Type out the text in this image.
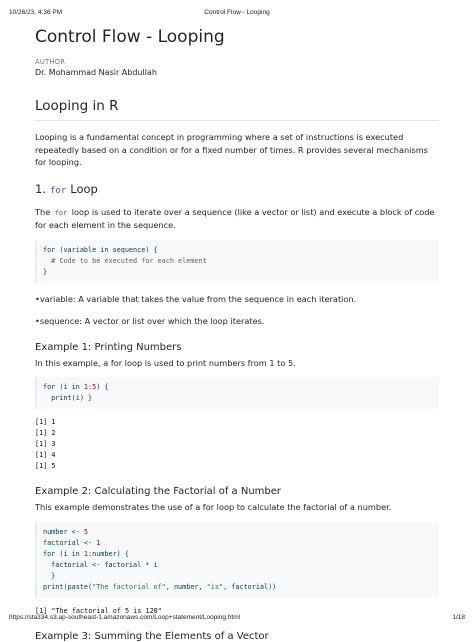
10/26/23, 4:36 PM	Control Flow - Looping
Control Flow - Looping
AUTHOR
Dr. Mohammad Nasir Abdullah
Looping in R
Looping is a fundamental concept in programming where a set of instructions is executed repeatedly based on a condition or for a fixed number of times. R provides several mechanisms for looping.
1. for Loop
The for loop is used to iterate over a sequence (like a vector or list) and execute a block of code for each element in the sequence.
for (variable in sequence) {
# Code to be executed for each element
}
•variable: A variable that takes the value from the sequence in each iteration.
•sequence: A vector or list over which the loop iterates.
Example 1: Printing Numbers
In this example, a for loop is used to print numbers from 1 to 5.
for (i in 1:5) {
print(i) }
[1] 1
[1] 2
[1] 3
[1] 4
[1] 5
Example 2: Calculating the Factorial of a Number
This example demonstrates the use of a for loop to calculate the factorial of a number.
number <- 5
factorial <- 1
for (i in 1:number) {
factorial <- factorial * i
}
print(paste("The factorial of", number, "is", factorial))
[1] "The factorial of 5 is 120"
Example 3: Summing the Elements of a Vector
https://sta334.s3.ap-southeast-1.amazonaws.com/Loop+statement/Looping.html	1/18
